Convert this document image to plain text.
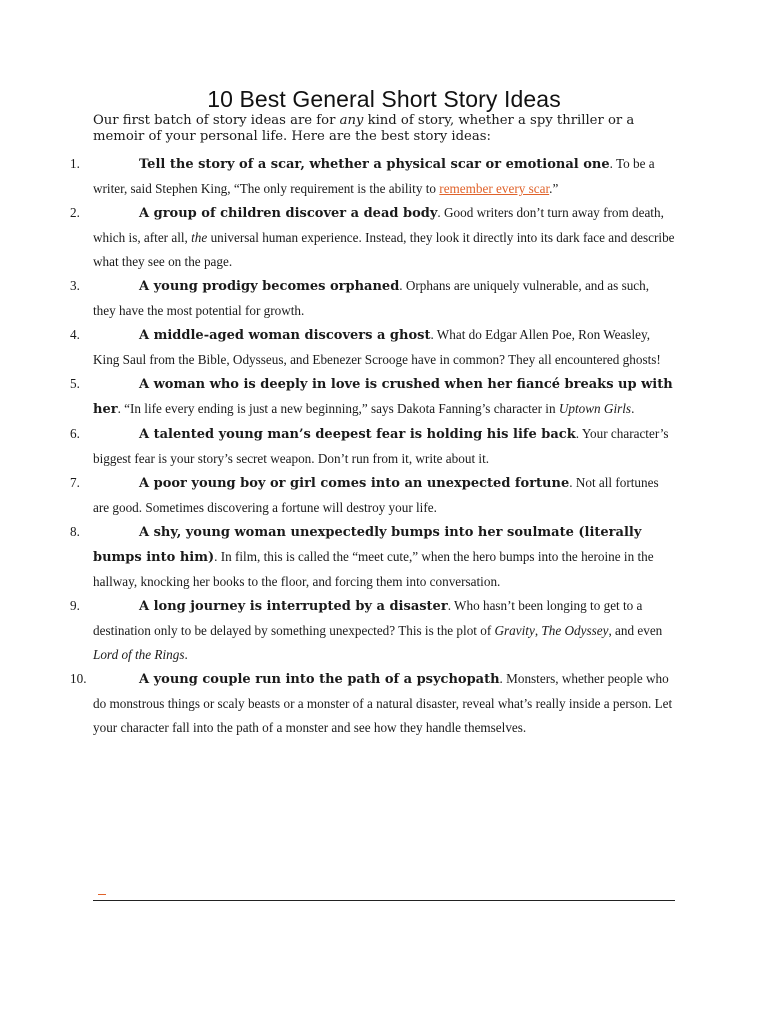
10 Best General Short Story Ideas

Our first batch of story ideas are for any kind of story, whether a spy thriller or a memoir of your personal life. Here are the best story ideas:

1.	Tell the story of a scar, whether a physical scar or emotional one. To be a writer, said Stephen King, “The only requirement is the ability to remember every scar.”
2.	A group of children discover a dead body. Good writers don’t turn away from death, which is, after all, the universal human experience. Instead, they look it directly into its dark face and describe what they see on the page.
3.	A young prodigy becomes orphaned. Orphans are uniquely vulnerable, and as such, they have the most potential for growth.
4.	A middle-aged woman discovers a ghost. What do Edgar Allen Poe, Ron Weasley, King Saul from the Bible, Odysseus, and Ebenezer Scrooge have in common? They all encountered ghosts!
5.	A woman who is deeply in love is crushed when her fiancé breaks up with her. “In life every ending is just a new beginning,” says Dakota Fanning’s character in Uptown Girls.
6.	A talented young man’s deepest fear is holding his life back. Your character’s biggest fear is your story’s secret weapon. Don’t run from it, write about it.
7.	A poor young boy or girl comes into an unexpected fortune. Not all fortunes are good. Sometimes discovering a fortune will destroy your life.
8.	A shy, young woman unexpectedly bumps into her soulmate (literally bumps into him). In film, this is called the “meet cute,” when the hero bumps into the heroine in the hallway, knocking her books to the floor, and forcing them into conversation.
9.	A long journey is interrupted by a disaster. Who hasn’t been longing to get to a destination only to be delayed by something unexpected? This is the plot of Gravity, The Odyssey, and even Lord of the Rings.
10.	A young couple run into the path of a psychopath. Monsters, whether people who do monstrous things or scaly beasts or a monster of a natural disaster, reveal what’s really inside a person. Let your character fall into the path of a monster and see how they handle themselves.
